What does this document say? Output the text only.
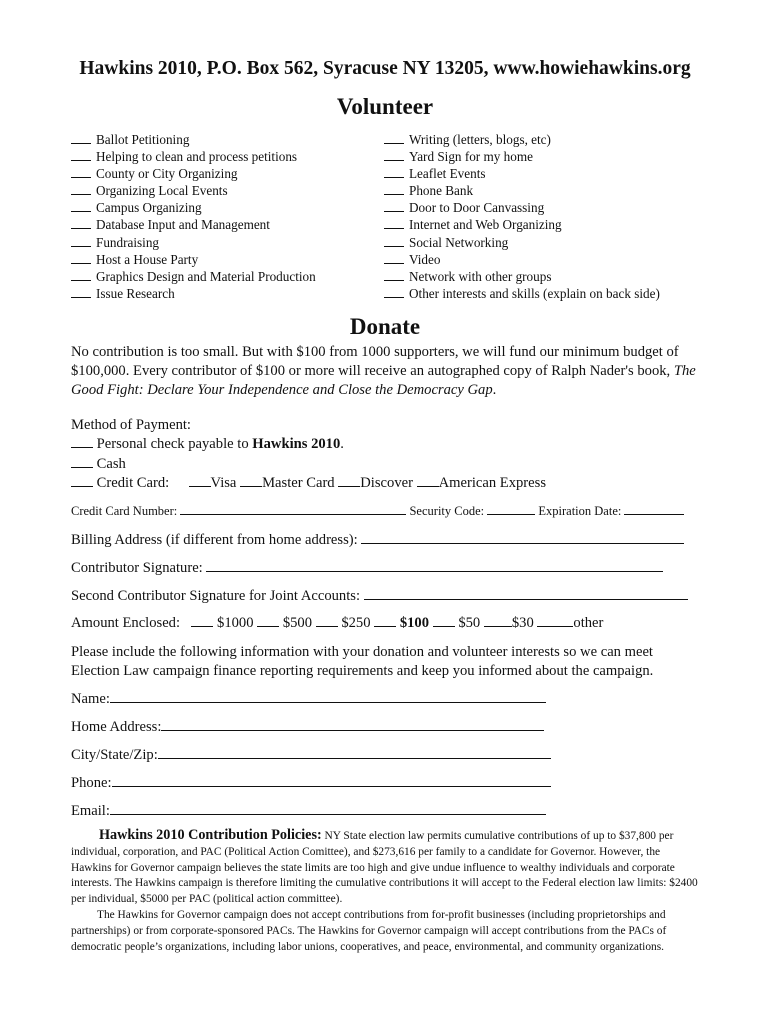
Hawkins 2010, P.O. Box 562, Syracuse NY 13205, www.howiehawkins.org
Volunteer
Ballot Petitioning
Helping to clean and process petitions
County or City Organizing
Organizing Local Events
Campus Organizing
Database Input and Management
Fundraising
Host a House Party
Graphics Design and Material Production
Issue Research
Writing (letters, blogs, etc)
Yard Sign for my home
Leaflet Events
Phone Bank
Door to Door Canvassing
Internet and Web Organizing
Social Networking
Video
Network with other groups
Other interests and skills (explain on back side)
Donate
No contribution is too small. But with $100 from 1000 supporters, we will fund our minimum budget of $100,000. Every contributor of $100 or more will receive an autographed copy of Ralph Nader's book, The Good Fight: Declare Your Independence and Close the Democracy Gap.
Method of Payment:
Personal check payable to Hawkins 2010.
Cash
Credit Card:	Visa Master Card Discover American Express
Credit Card Number:	Security Code:	Expiration Date:
Billing Address (if different from home address):
Contributor Signature:
Second Contributor Signature for Joint Accounts:
Amount Enclosed:	$1000 $500 $250 $100 $50 $30	other
Please include the following information with your donation and volunteer interests so we can meet Election Law campaign finance reporting requirements and keep you informed about the campaign.
Name:
Home Address:
City/State/Zip:
Phone:
Email:
Hawkins 2010 Contribution Policies: NY State election law permits cumulative contributions of up to $37,800 per individual, corporation, and PAC (Political Action Comittee), and $273,616 per family to a candidate for Governor. However, the Hawkins for Governor campaign believes the state limits are too high and give undue influence to wealthy individuals and corporate interests. The Hawkins campaign is therefore limiting the cumulative contributions it will accept to the Federal election law limits: $2400 per individual, $5000 per PAC (political action committee).
The Hawkins for Governor campaign does not accept contributions from for-profit businesses (including proprietorships and partnerships) or from corporate-sponsored PACs. The Hawkins for Governor campaign will accept contributions from the PACs of democratic people’s organizations, including labor unions, cooperatives, and peace, environmental, and community organizations.
